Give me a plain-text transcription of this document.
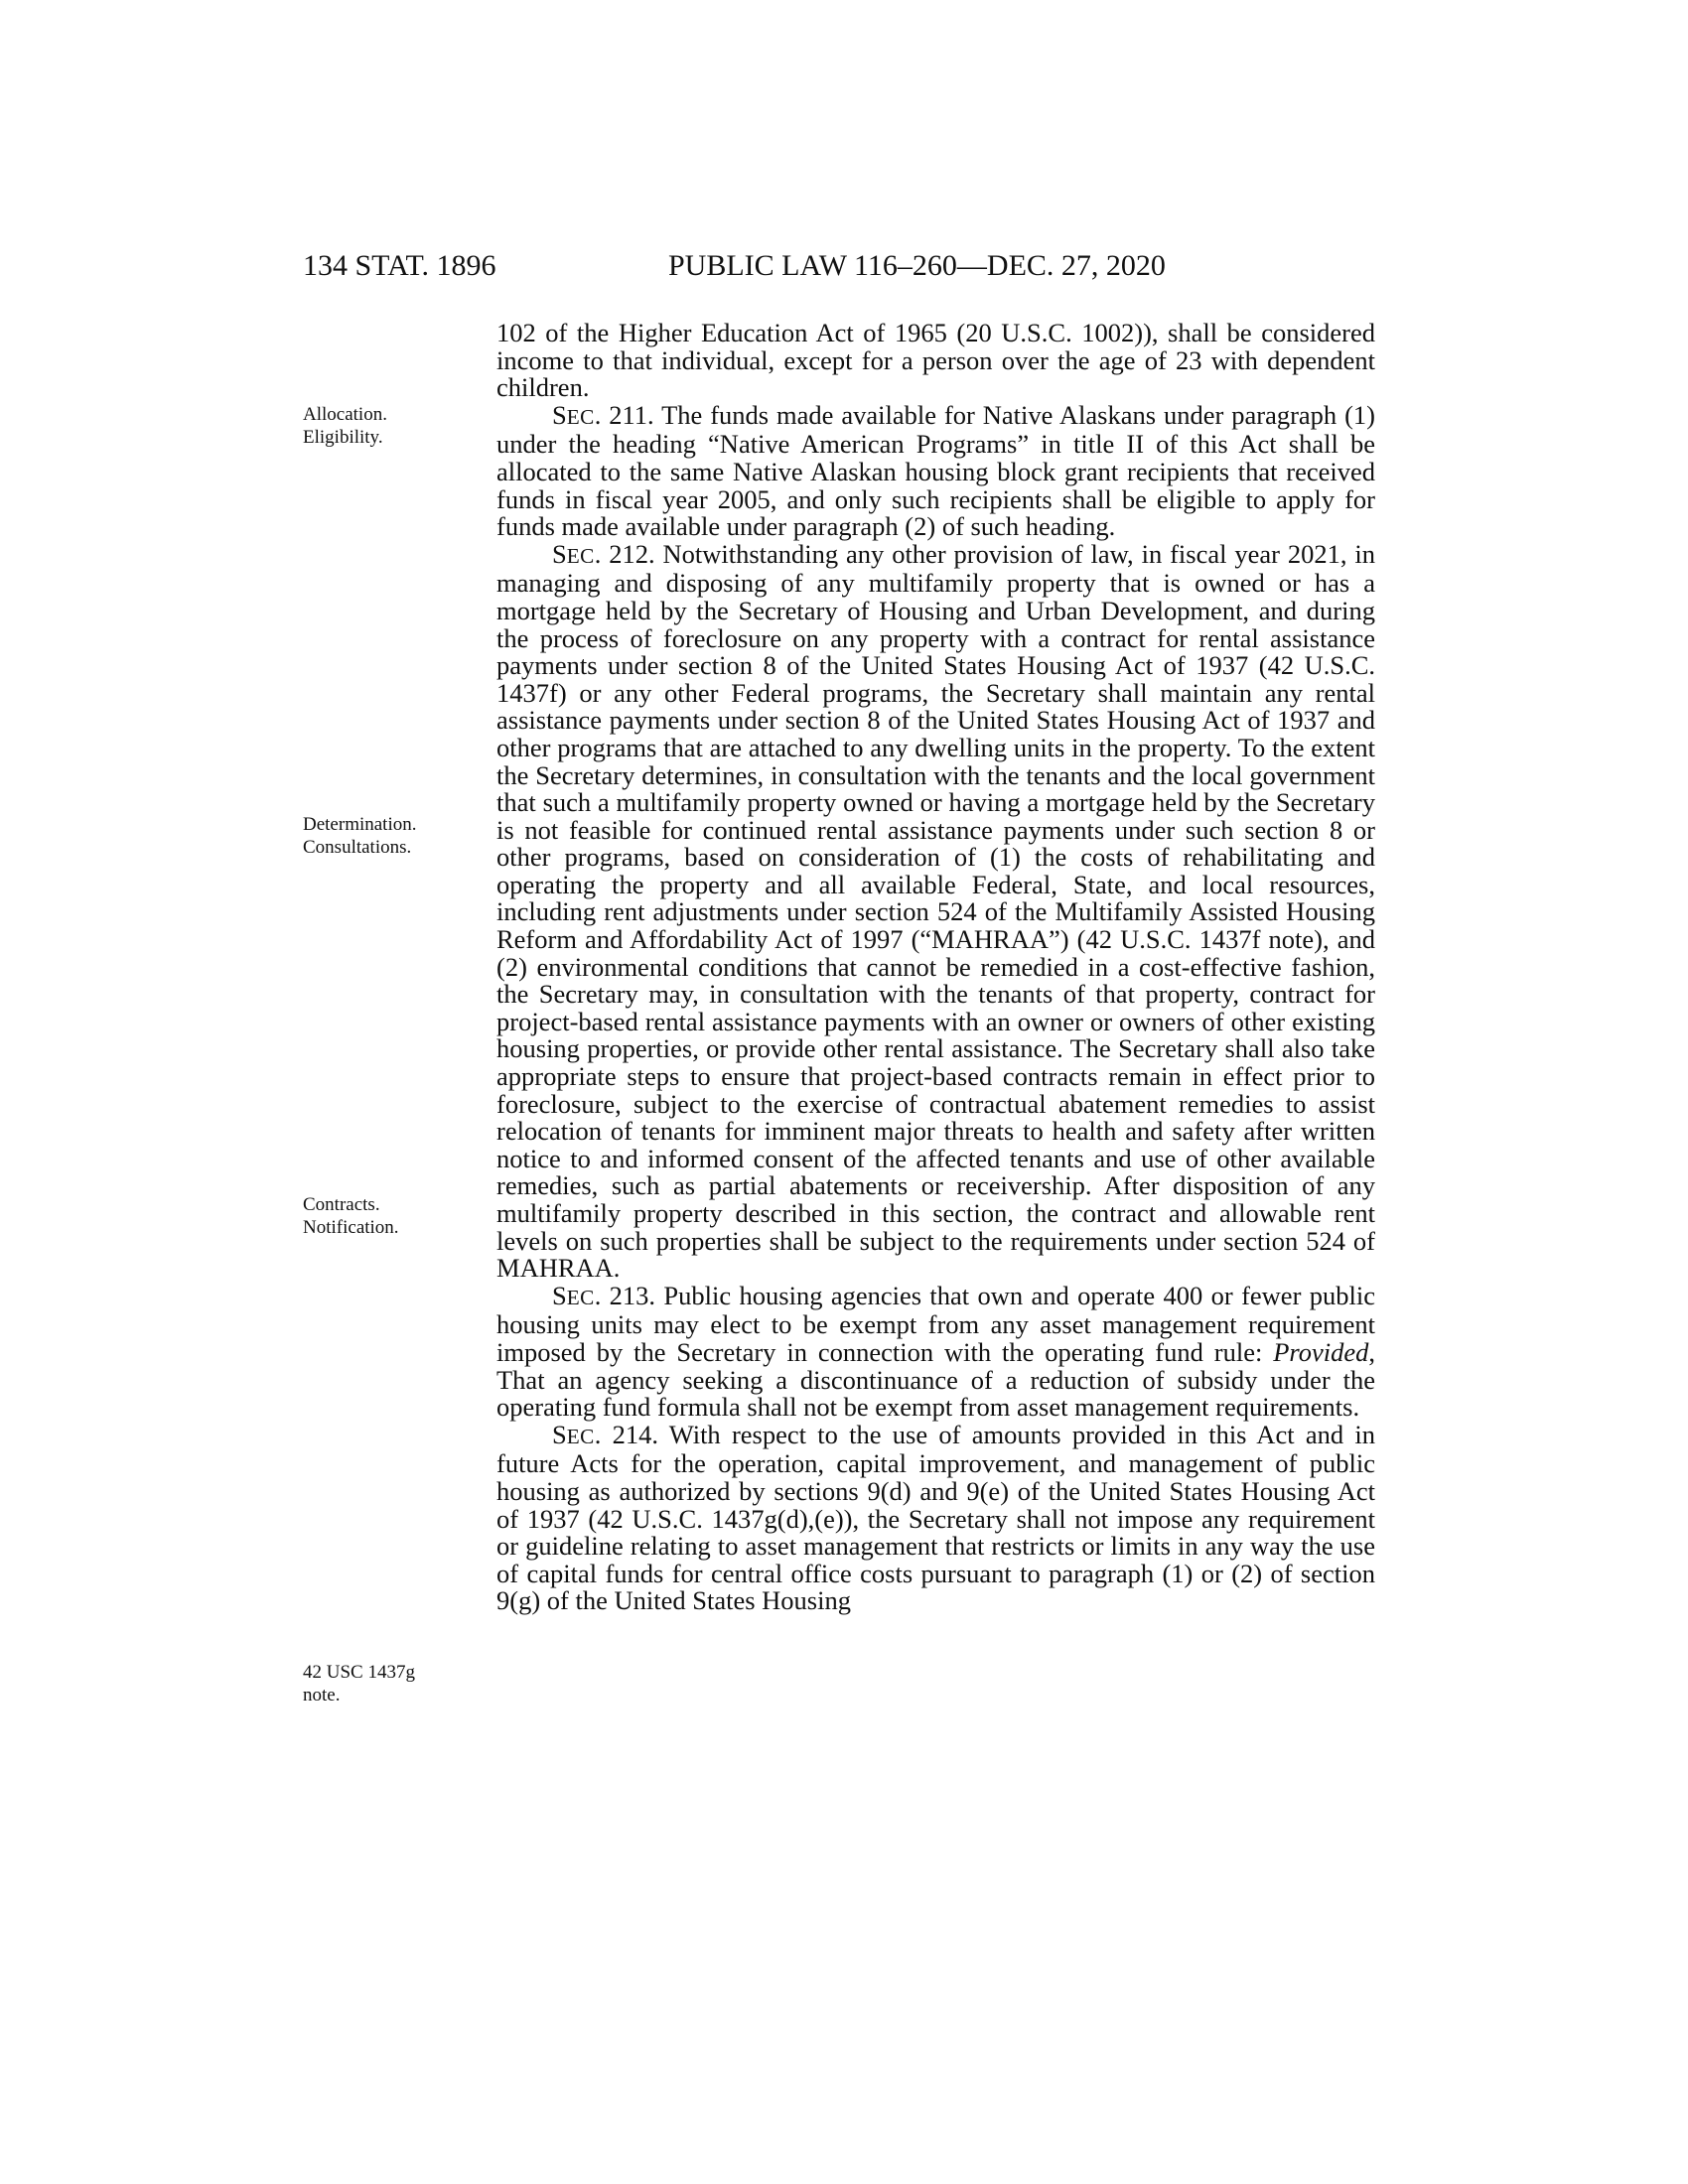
134 STAT. 1896	PUBLIC LAW 116–260—DEC. 27, 2020
Allocation.
Eligibility.
Determination.
Consultations.
Contracts.
Notification.
42 USC 1437g
note.

102 of the Higher Education Act of 1965 (20 U.S.C. 1002)), shall be considered income to that individual, except for a person over the age of 23 with dependent children.

SEC. 211. The funds made available for Native Alaskans under paragraph (1) under the heading “Native American Programs” in title II of this Act shall be allocated to the same Native Alaskan housing block grant recipients that received funds in fiscal year 2005, and only such recipients shall be eligible to apply for funds made available under paragraph (2) of such heading.

SEC. 212. Notwithstanding any other provision of law, in fiscal year 2021, in managing and disposing of any multifamily property that is owned or has a mortgage held by the Secretary of Housing and Urban Development, and during the process of foreclosure on any property with a contract for rental assistance payments under section 8 of the United States Housing Act of 1937 (42 U.S.C. 1437f) or any other Federal programs, the Secretary shall maintain any rental assistance payments under section 8 of the United States Housing Act of 1937 and other programs that are attached to any dwelling units in the property. To the extent the Secretary determines, in consultation with the tenants and the local government that such a multifamily property owned or having a mortgage held by the Secretary is not feasible for continued rental assistance payments under such section 8 or other programs, based on consideration of (1) the costs of rehabilitating and operating the property and all available Federal, State, and local resources, including rent adjustments under section 524 of the Multifamily Assisted Housing Reform and Affordability Act of 1997 (“MAHRAA”) (42 U.S.C. 1437f note), and (2) environmental conditions that cannot be remedied in a cost-effective fashion, the Secretary may, in consultation with the tenants of that property, contract for project-based rental assistance payments with an owner or owners of other existing housing properties, or provide other rental assistance. The Secretary shall also take appropriate steps to ensure that project-based contracts remain in effect prior to foreclosure, subject to the exercise of contractual abatement remedies to assist relocation of tenants for imminent major threats to health and safety after written notice to and informed consent of the affected tenants and use of other available remedies, such as partial abatements or receivership. After disposition of any multifamily property described in this section, the contract and allowable rent levels on such properties shall be subject to the requirements under section 524 of MAHRAA.

SEC. 213. Public housing agencies that own and operate 400 or fewer public housing units may elect to be exempt from any asset management requirement imposed by the Secretary in connection with the operating fund rule: Provided, That an agency seeking a discontinuance of a reduction of subsidy under the operating fund formula shall not be exempt from asset management requirements.

SEC. 214. With respect to the use of amounts provided in this Act and in future Acts for the operation, capital improvement, and management of public housing as authorized by sections 9(d) and 9(e) of the United States Housing Act of 1937 (42 U.S.C. 1437g(d),(e)), the Secretary shall not impose any requirement or guideline relating to asset management that restricts or limits in any way the use of capital funds for central office costs pursuant to paragraph (1) or (2) of section 9(g) of the United States Housing
